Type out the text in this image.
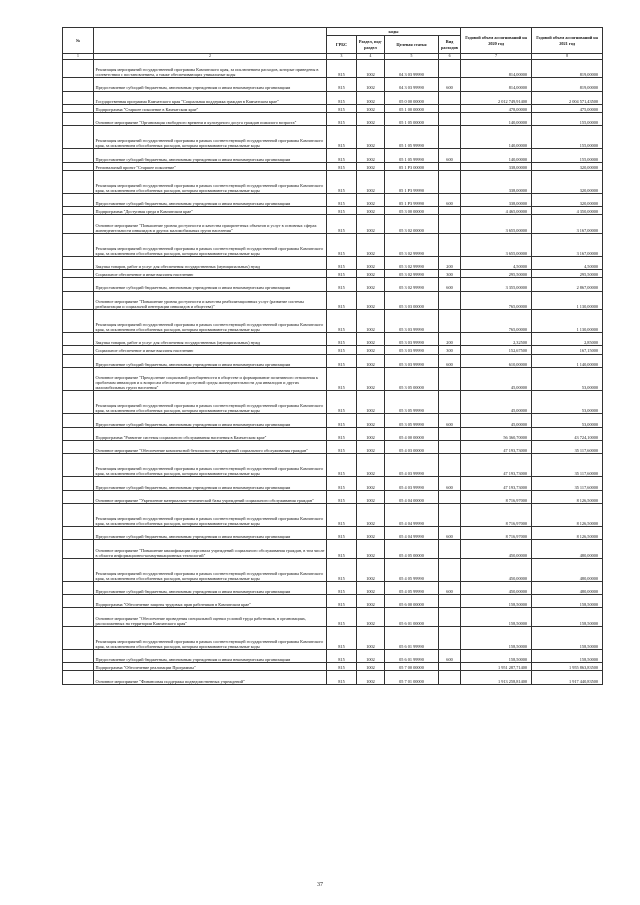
№		коды				Годовой объем ассигнований на 2020 год	Годовой объем ассигнований на 2021 год
		ГРБС	Раздел, под-раздел	Целевая статья	Вид расходов		
1	2	3	4	5	6	7	8
	Реализация мероприятий государственной программы Камчатского края, за исключением расходов, которые приведены в соответствии с постановлением, а также обеспечивающих уникальные коды	815	1002	04 3 03 99990		814,00000	819,00000
	Предоставление субсидий бюджетным, автономным учреждениям и иным некоммерческим организациям	815	1002	04 3 03 99990	600	814,00000	819,00000
	Государственная программа Камчатского края "Социальная поддержка граждан в Камчатском крае"	815	1002	05 0 00 00000		2 012 749,91400	2 004 571,43500
	Подпрограмма "Старшее поколение в Камчатском крае"	815	1002	05 1 00 00000		478,00000	475,00000
	Основное мероприятие "Организация свободного времени и культурного досуга граждан пожилого возраста"	815	1002	05 1 05 00000		140,00000	155,00000
	Реализация мероприятий государственной программы в рамках соответствующей государственной программы Камчатского края, за исключением обособленных расходов, которым присваиваются уникальные коды	815	1002	05 1 05 99990		140,00000	155,00000
	Предоставление субсидий бюджетным, автономным учреждениям и иным некоммерческим организациям	815	1002	05 1 05 99990	600	140,00000	155,00000
	Региональный проект "Старшее поколение"	815	1002	05 1 P3 00000		338,00000	320,00000
	Реализация мероприятий государственной программы в рамках соответствующей государственной программы Камчатского края, за исключением обособленных расходов, которым присваиваются уникальные коды	815	1002	05 1 P3 99990		338,00000	320,00000
	Предоставление субсидий бюджетным, автономным учреждениям и иным некоммерческим организациям	815	1002	05 1 P3 99990	600	338,00000	320,00000
	Подпрограмма "Доступная среда в Камчатском крае"	815	1002	05 3 00 00000		4 465,00000	4 350,00000
	Основное мероприятие "Повышение уровня доступности и качества приоритетных объектов и услуг в основных сферах жизнедеятельности инвалидов и других маломобильных групп населения"	815	1002	05 3 02 00000		3 655,00000	3 167,00000
	Реализация мероприятий государственной программы в рамках соответствующей государственной программы Камчатского края, за исключением обособленных расходов, которым присваиваются уникальные коды	815	1002	05 3 02 99990		3 655,00000	3 167,00000
	Закупка товаров, работ и услуг для обеспечения государственных (муниципальных) нужд	815	1002	05 3 02 99990	200	4,50000	4,50000
	Социальное обеспечение и иные выплаты населению	815	1002	05 3 02 99990	300	295,50000	295,50000
	Предоставление субсидий бюджетным, автономным учреждениям и иным некоммерческим организациям	815	1002	05 3 02 99990	600	3 355,00000	2 867,00000
	Основное мероприятие "Повышение уровня доступности и качества реабилитационных услуг (развитие системы реабилитации и социальной интеграции инвалидов и общества)"	815	1002	05 3 03 00000		765,00000	1 130,00000
	Реализация мероприятий государственной программы в рамках соответствующей государственной программы Камчатского края, за исключением обособленных расходов, которым присваиваются уникальные коды	815	1002	05 3 03 99990		765,00000	1 130,00000
	Закупка товаров, работ и услуг для обеспечения государственных (муниципальных) нужд	815	1002	05 3 03 99990	200	2,32500	2,85000
	Социальное обеспечение и иные выплаты населению	815	1002	05 3 03 99990	300	152,67500	167,15000
	Предоставление субсидий бюджетным, автономным учреждениям и иным некоммерческим организациям	815	1002	05 3 03 99990	600	610,00000	1 140,00000
	Основное мероприятие "Преодоление социальной разобщенности в обществе и формирование позитивного отношения к проблемам инвалидов и к вопросам обеспечения доступной среды жизнедеятельности для инвалидов и других маломобильных групп населения"	815	1002	05 3 05 00000		45,00000	53,00000
	Реализация мероприятий государственной программы в рамках соответствующей государственной программы Камчатского края, за исключением обособленных расходов, которым присваиваются уникальные коды	815	1002	05 3 05 99990		45,00000	53,00000
	Предоставление субсидий бюджетным, автономным учреждениям и иным некоммерческим организациям	815	1002	05 3 05 99990	600	45,00000	53,00000
	Подпрограмма "Развитие системы социального обслуживания населения в Камчатском крае"	815	1002	05 4 00 00000		56 360,70000	43 724,10000
	Основное мероприятие "Обеспечение комплексной безопасности учреждений социального обслуживания граждан"	815	1002	05 4 03 00000		47 193,73000	35 117,60000
	Реализация мероприятий государственной программы в рамках соответствующей государственной программы Камчатского края, за исключением обособленных расходов, которым присваиваются уникальные коды	815	1002	05 4 03 99990		47 193,73000	35 117,60000
	Предоставление субсидий бюджетным, автономным учреждениям и иным некоммерческим организациям	815	1002	05 4 03 99990	600	47 193,73000	35 117,60000
	Основное мероприятие "Укрепление материально-технической базы учреждений социального обслуживания граждан"	815	1002	05 4 04 00000		8 716,97000	8 126,50000
	Реализация мероприятий государственной программы в рамках соответствующей государственной программы Камчатского края, за исключением обособленных расходов, которым присваиваются уникальные коды	815	1002	05 4 04 99990		8 716,97000	8 126,50000
	Предоставление субсидий бюджетным, автономным учреждениям и иным некоммерческим организациям	815	1002	05 4 04 99990	600	8 716,97000	8 126,50000
	Основное мероприятие "Повышение квалификации персонала учреждений социального обслуживания граждан, в том числе в области информационно-коммуникационных технологий"	815	1002	05 4 05 00000		450,00000	480,00000
	Реализация мероприятий государственной программы в рамках соответствующей государственной программы Камчатского края, за исключением обособленных расходов, которым присваиваются уникальные коды	815	1002	05 4 05 99990		450,00000	480,00000
	Предоставление субсидий бюджетным, автономным учреждениям и иным некоммерческим организациям	815	1002	05 4 05 99990	600	450,00000	480,00000
	Подпрограмма "Обеспечение защиты трудовых прав работников в Камчатском крае"	815	1002	05 6 00 00000		158,50000	158,50000
	Основное мероприятие "Обеспечение проведения специальной оценки условий труда работников, в организациях, расположенных на территории Камчатского края"	815	1002	05 6 01 00000		158,50000	158,50000
	Реализация мероприятий государственной программы в рамках соответствующей государственной программы Камчатского края, за исключением обособленных расходов, которым присваиваются уникальные коды	815	1002	05 6 01 99990		158,50000	158,50000
	Предоставление субсидий бюджетным, автономным учреждениям и иным некоммерческим организациям	815	1002	05 6 01 99990	600	158,50000	158,50000
	Подпрограмма "Обеспечение реализации Программы"	815	1002	05 7 00 00000		1 951 287,71400	1 955 863,83500
	Основное мероприятие "Финансовая поддержка подведомственных учреждений"	815	1002	05 7 01 00000		1 913 258,81400	1 917 440,83500
37
